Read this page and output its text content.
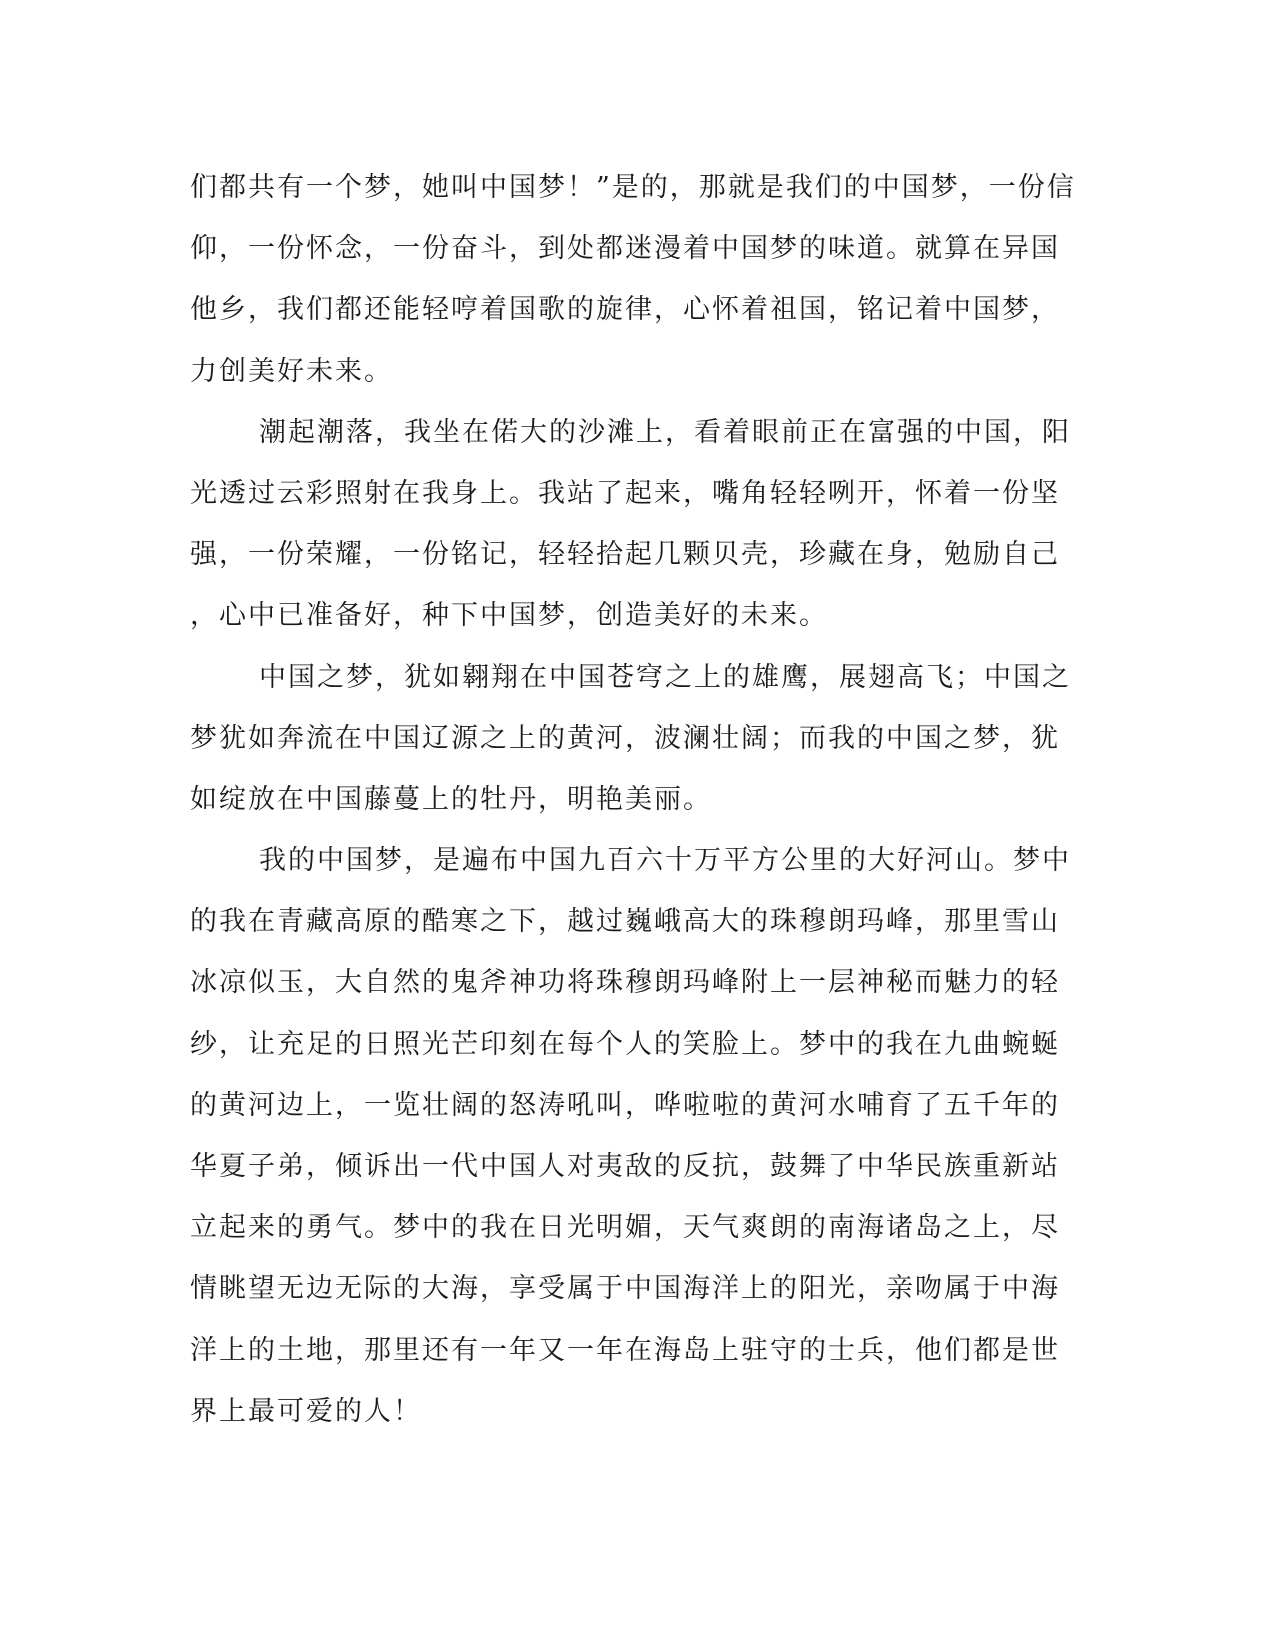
们都共有一个梦，她叫中国梦！”是的，那就是我们的中国梦，一份信
仰，一份怀念，一份奋斗，到处都迷漫着中国梦的味道。就算在异国
他乡，我们都还能轻哼着国歌的旋律，心怀着祖国，铭记着中国梦，
力创美好未来。
潮起潮落，我坐在偌大的沙滩上，看着眼前正在富强的中国，阳
光透过云彩照射在我身上。我站了起来，嘴角轻轻咧开，怀着一份坚
强，一份荣耀，一份铭记，轻轻拾起几颗贝壳，珍藏在身，勉励自己
，心中已准备好，种下中国梦，创造美好的未来。
中国之梦，犹如翱翔在中国苍穹之上的雄鹰，展翅高飞；中国之
梦犹如奔流在中国辽源之上的黄河，波澜壮阔；而我的中国之梦，犹
如绽放在中国藤蔓上的牡丹，明艳美丽。
我的中国梦，是遍布中国九百六十万平方公里的大好河山。梦中
的我在青藏高原的酷寒之下，越过巍峨高大的珠穆朗玛峰，那里雪山
冰凉似玉，大自然的鬼斧神功将珠穆朗玛峰附上一层神秘而魅力的轻
纱，让充足的日照光芒印刻在每个人的笑脸上。梦中的我在九曲蜿蜒
的黄河边上，一览壮阔的怒涛吼叫，哗啦啦的黄河水哺育了五千年的
华夏子弟，倾诉出一代中国人对夷敌的反抗，鼓舞了中华民族重新站
立起来的勇气。梦中的我在日光明媚，天气爽朗的南海诸岛之上，尽
情眺望无边无际的大海，享受属于中国海洋上的阳光，亲吻属于中海
洋上的土地，那里还有一年又一年在海岛上驻守的士兵，他们都是世
界上最可爱的人！
